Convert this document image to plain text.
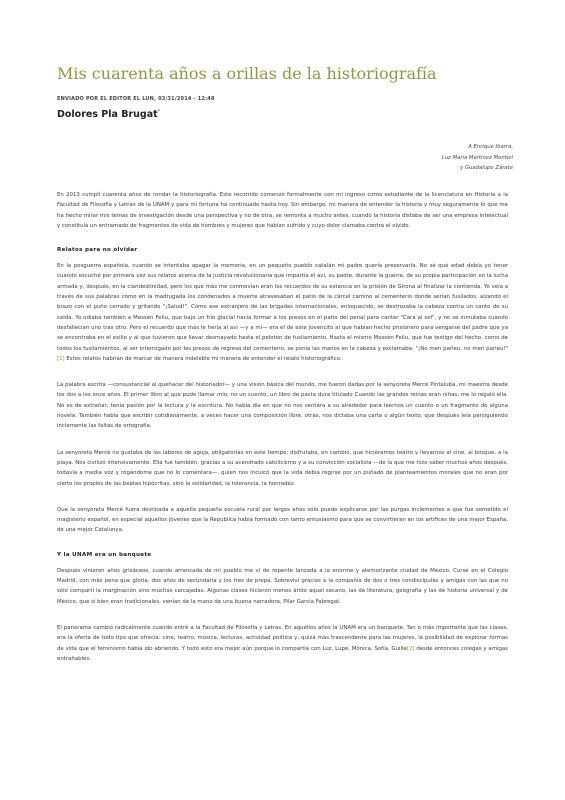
Mis cuarenta años a orillas de la historiografía
ENVIADO POR EL EDITOR EL LUN, 03/31/2014 - 12:48
Dolores Pla Brugat*
A Enrique Ibarra,
Luz María Martínez Montiel
y Guadalupe Zárate

En 2013 cumplí cuarenta años de rondar la historiografía. Este recorrido comenzó formalmente con mi ingreso como estudiante de la licenciatura en Historia a la Facultad de Filosofía y Letras de la UNAM y para mi fortuna ha continuado hasta hoy. Sin embargo, mi manera de entender la historia y muy seguramente lo que me ha hecho mirar mis temas de investigación desde una perspectiva y no de otra, se remonta a mucho antes, cuando la historia distaba de ser una empresa intelectual y constituía un entramado de fragmentos de vida de hombres y mujeres que habían sufrido y cuyo dolor clamaba contra el olvido.

Relatos para no olvidar

En la posguerra española, cuando se intentaba apagar la memoria, en un pequeño pueblo catalán mi padre quería preservarla. No sé qué edad debía yo tener cuando escuché por primera vez sus relatos acerca de la justicia revolucionaria que impartía el avi, su padre, durante la guerra, de su propia participación en la lucha armada y, después, en la clandestinidad, pero los que más me conmovían eran los recuerdos de su estancia en la prisión de Girona al finalizar la contienda. Yo veía a través de sus palabras cómo en la madrugada los condenados a muerte atravesaban el patio de la cárcel camino al cementerio donde serían fusilados, alzando el brazo con el puño cerrado y gritando "¡Salud!". Cómo ese extranjero de las brigadas internacionales, enloquecido, se destrozaba la cabeza contra un canto de su celda. Yo odiaba también a Mossèn Feliu, que bajo un frío glacial hacía formar a los presos en el patio del penal para cantar "Cara al sol", y no se inmutaba cuando desfallecían uno tras otro. Pero el recuerdo que más le hería al avi —y a mí— era el de este jovencito al que habían hecho prisionero para vengarse del padre que ya se encontraba en el exilio y al que tuvieron que llevar desmayado hasta el pelotón de fusilamiento. Hasta el mismo Mossèn Feliu, que fue testigo del hecho, como de todos los fusilamientos, al ser interrogado por los presos de regreso del cementerio, se ponía las manos en la cabeza y exclamaba: "¡No men parleu, no men parleu!"[1] Estos relatos habrían de marcar de manera indeleble mi manera de entender el relato historiográfico.

La palabra escrita —consustancial al quehacer del historiador— y una visión básica del mundo, me fueron dadas por la senyoreta Mercè Pintaluba, mi maestra desde los dos a los once años. El primer libro al que pude llamar mío, no un cuento, un libro de pasta dura titulado Cuando las grandes reinas eran niñas, me lo regaló ella. No es de extrañar, tenía pasión por la lectura y la escritura. No había día en que no nos sentara a su alrededor para leernos un cuento o un fragmento de alguna novela. También había que escribir cotidianamente, a veces hacer una composición libre, otras, nos dictaba una carta o algún texto, que después leía persiguiendo inclemente las faltas de ortografía.

La senyoreta Mercè no gustaba de las labores de aguja, obligatorias en este tiempo; disfrutaba, en cambio, que hiciéramos teatro y llevarnos al cine, al bosque, a la playa. Nos civilizó intensivamente. Ella fue también, gracias a su acendrado catolicismo y a su convicción socialista —de la que me hizo saber muchos años después, todavía a media voz y rogándome que no lo comentara—, quien nos inculcó que la vida debía regirse por un puñado de planteamientos morales que no eran por cierto los propios de las beatas hipócritas, sino la solidaridad, la tolerancia, la honradez.

Que la senyoreta Mercè fuera destinada a aquella pequeña escuela rural por largos años sólo puede explicarse por las purgas inclementes a que fue sometido el magisterio español, en especial aquellos jóvenes que la República había formado con tanto entusiasmo para que se convirtieran en los artífices de una mejor España, de una mejor Catalunya.

Y la UNAM era un banquete

Después vinieron años grisáceos, cuando arrancada de mi pueblo me vi de repente lanzada a la enorme y atemorizante ciudad de México. Cursé en el Colegio Madrid, con más pena que gloria, dos años de secundaria y los tres de prepa. Sobreviví gracias a la compañía de dos o tres condiscípulas y amigas con las que no sólo compartí la marginación sino muchas carcajadas. Algunas clases hicieron menos árido aquel secano, las de literatura, geografía y las de historia universal y de México, que si bien eran tradicionales, venían de la mano de una buena narradora, Pilar García Fabregat.

El panorama cambió radicalmente cuando entré a la Facultad de Filosofía y Letras. En aquellos años la UNAM era un banquete. Tan o más importante que las clases, era la oferta de todo tipo que ofrecía: cine, teatro, música, lecturas, actividad política y, quizá más trascendente para las mujeres, la posibilidad de explorar formas de vida que el feminismo había ido abriendo. Y todo esto era mejor aún porque lo compartía con Luz, Lupe, Mónica, Sofía, Guille[2] desde entonces colegas y amigas entrañables.
